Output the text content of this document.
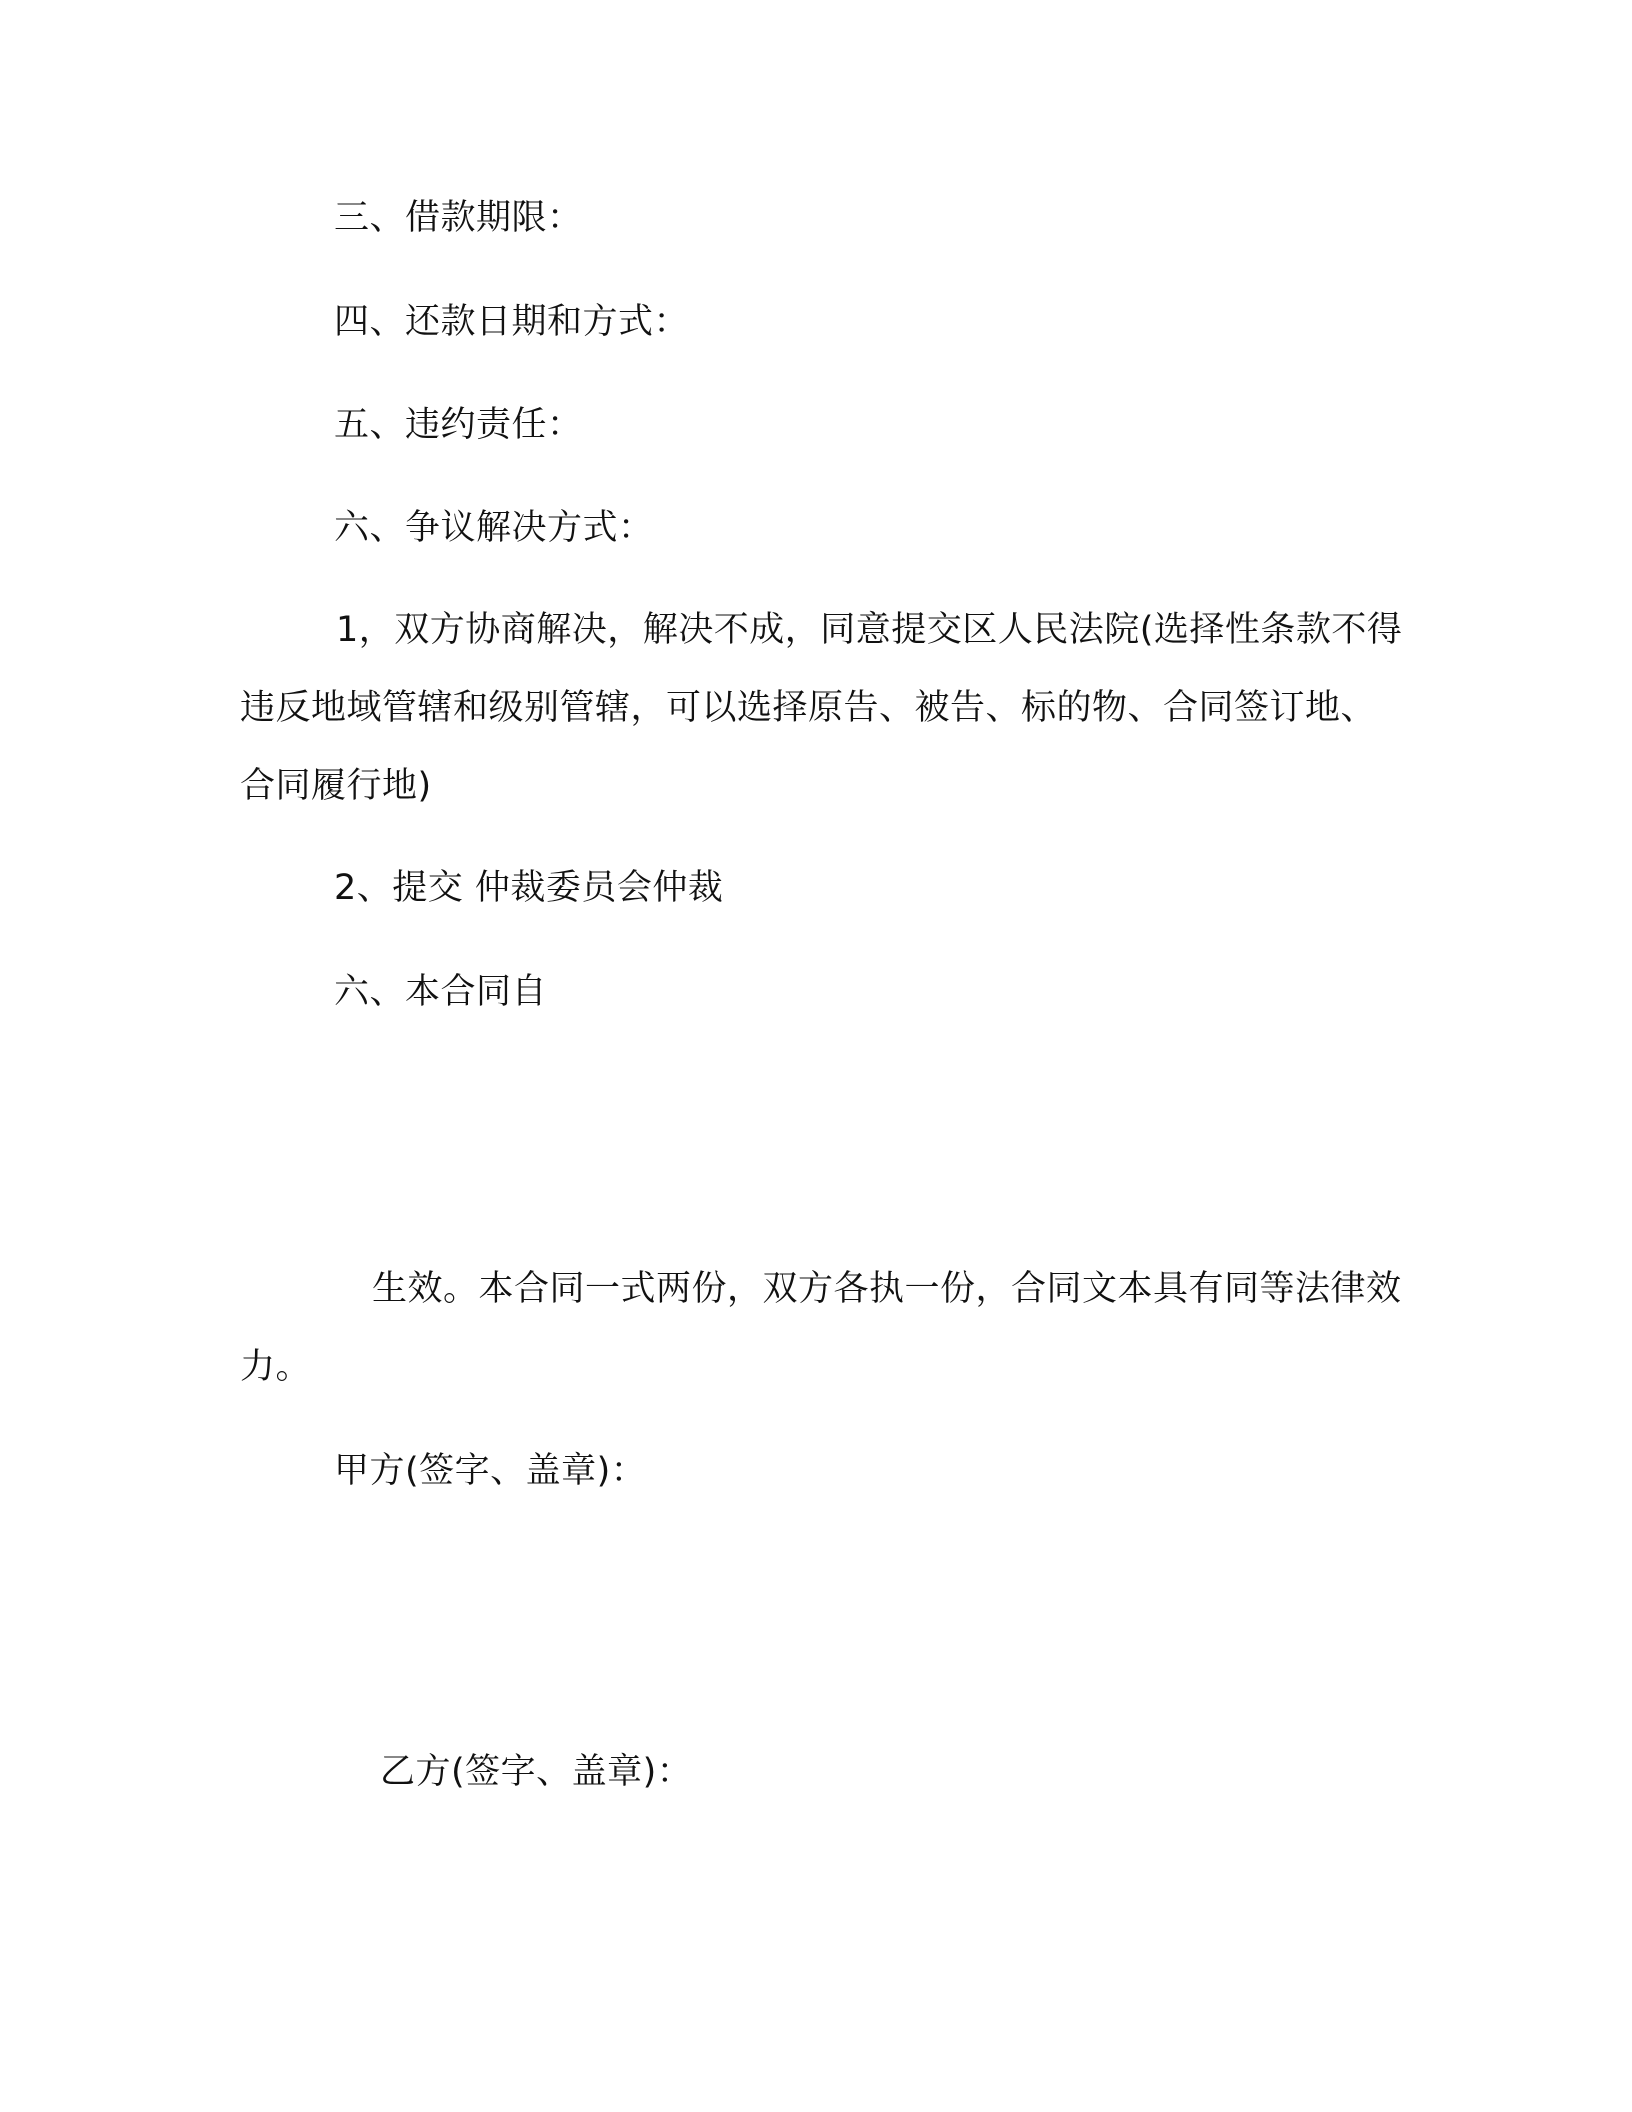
三、借款期限：
四、还款日期和方式：
五、违约责任：
六、争议解决方式：
1，双方协商解决，解决不成，同意提交区人民法院(选择性条款不得违反地域管辖和级别管辖，可以选择原告、被告、标的物、合同签订地、合同履行地)
2、提交 仲裁委员会仲裁
六、本合同自
生效。本合同一式两份，双方各执一份，合同文本具有同等法律效力。
甲方(签字、盖章)：
乙方(签字、盖章)：
